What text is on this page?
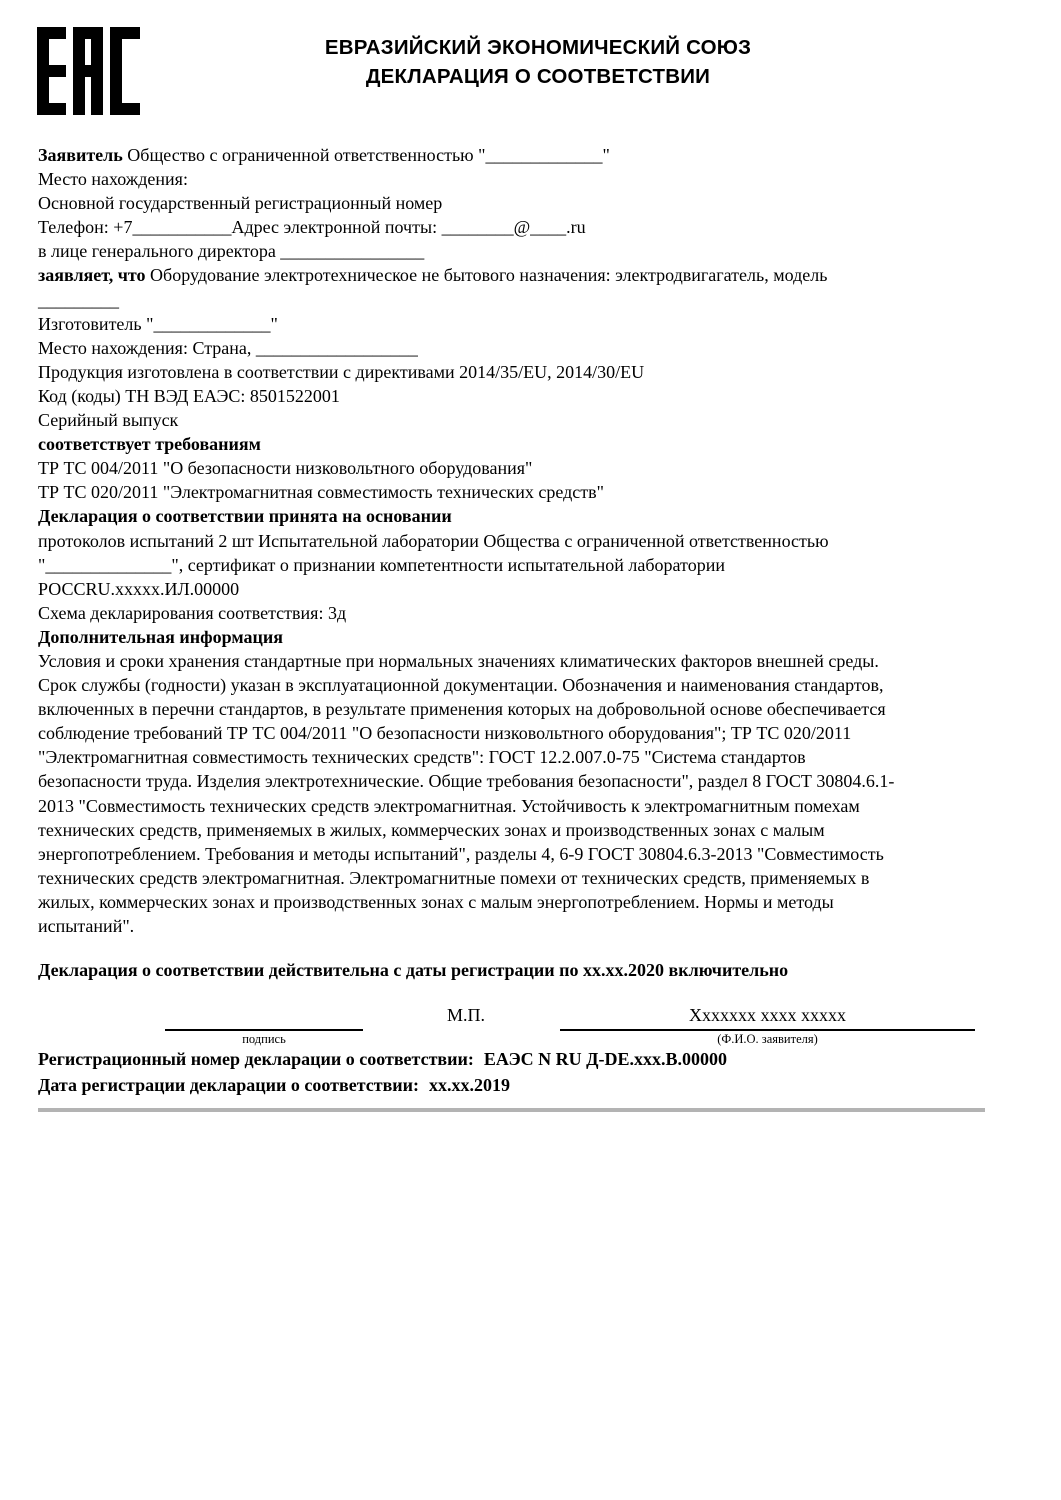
ЕВРАЗИЙСКИЙ ЭКОНОМИЧЕСКИЙ СОЮЗ
ДЕКЛАРАЦИЯ О СООТВЕТСТВИИ
Заявитель Общество с ограниченной ответственностью "_____________"
Место нахождения:
Основной государственный регистрационный номер
Телефон: +7___________Адрес электронной почты: ________@____.ru
в лице генерального директора ________________
заявляет, что Оборудование электротехническое не бытового назначения: электродвигагатель, модель
_________
Изготовитель "_____________"
Место нахождения: Страна, __________________
Продукция изготовлена в соответствии с директивами 2014/35/EU, 2014/30/EU
Код (коды) ТН ВЭД ЕАЭС: 8501522001
Серийный выпуск
соответствует требованиям
ТР ТС 004/2011 "О безопасности низковольтного оборудования"
ТР ТС 020/2011 "Электромагнитная совместимость технических средств"
Декларация о соответствии принята на основании
протоколов испытаний 2 шт Испытательной лаборатории Общества с ограниченной ответственностью
"______________", сертификат о признании компетентности испытательной лаборатории
РОССRU.ххххх.ИЛ.00000
Схема декларирования соответствия: 3д
Дополнительная информация
Условия и сроки хранения стандартные при нормальных значениях климатических факторов внешней среды.
Срок службы (годности) указан в эксплуатационной документации. Обозначения и наименования стандартов,
включенных в перечни стандартов, в результате применения которых на добровольной основе обеспечивается
соблюдение требований ТР ТС 004/2011 "О безопасности низковольтного оборудования"; ТР ТС 020/2011
"Электромагнитная совместимость технических средств": ГОСТ 12.2.007.0-75 "Система стандартов
безопасности труда. Изделия электротехнические. Общие требования безопасности", раздел 8 ГОСТ 30804.6.1-
2013 "Совместимость технических средств электромагнитная. Устойчивость к электромагнитным помехам
технических средств, применяемых в жилых, коммерческих зонах и производственных зонах с малым
энергопотреблением. Требования и методы испытаний", разделы 4, 6-9 ГОСТ 30804.6.3-2013 "Совместимость
технических средств электромагнитная. Электромагнитные помехи от технических средств, применяемых в
жилых, коммерческих зонах и производственных зонах с малым энергопотреблением. Нормы и методы
испытаний".
Декларация о соответствии действительна с даты регистрации по хх.хх.2020 включительно
подпись
М.П.	Ххххххх хххх ххххх
(Ф.И.О. заявителя)
Регистрационный номер декларации о соответствии: ЕАЭС N RU Д-DE.xxx.B.00000
Дата регистрации декларации о соответствии: хх.хх.2019
